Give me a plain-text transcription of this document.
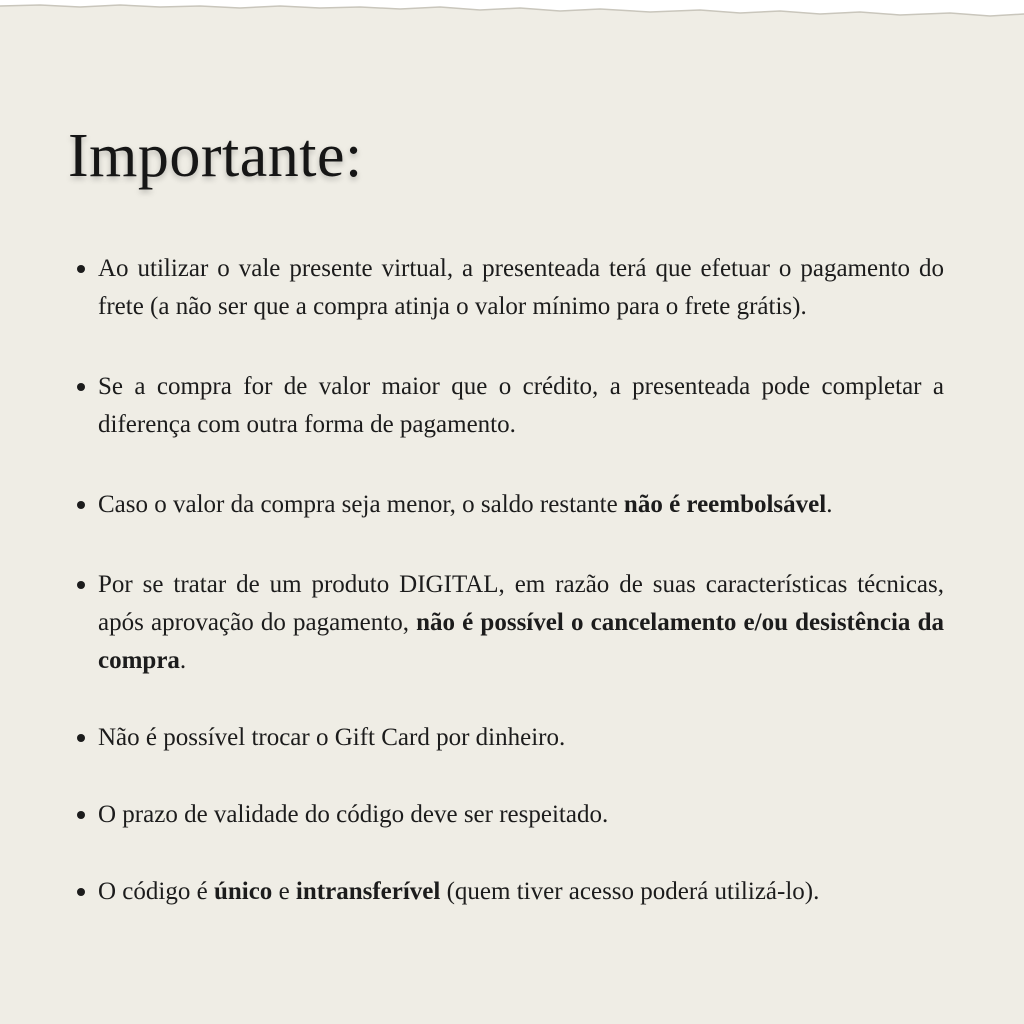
Importante:
Ao utilizar o vale presente virtual, a presenteada terá que efetuar o pagamento do frete (a não ser que a compra atinja o valor mínimo para o frete grátis).
Se a compra for de valor maior que o crédito, a presenteada pode completar a diferença com outra forma de pagamento.
Caso o valor da compra seja menor, o saldo restante não é reembolsável.
Por se tratar de um produto DIGITAL, em razão de suas características técnicas, após aprovação do pagamento, não é possível o cancelamento e/ou desistência da compra.
Não é possível trocar o Gift Card por dinheiro.
O prazo de validade do código deve ser respeitado.
O código é único e intransferível (quem tiver acesso poderá utilizá-lo).
